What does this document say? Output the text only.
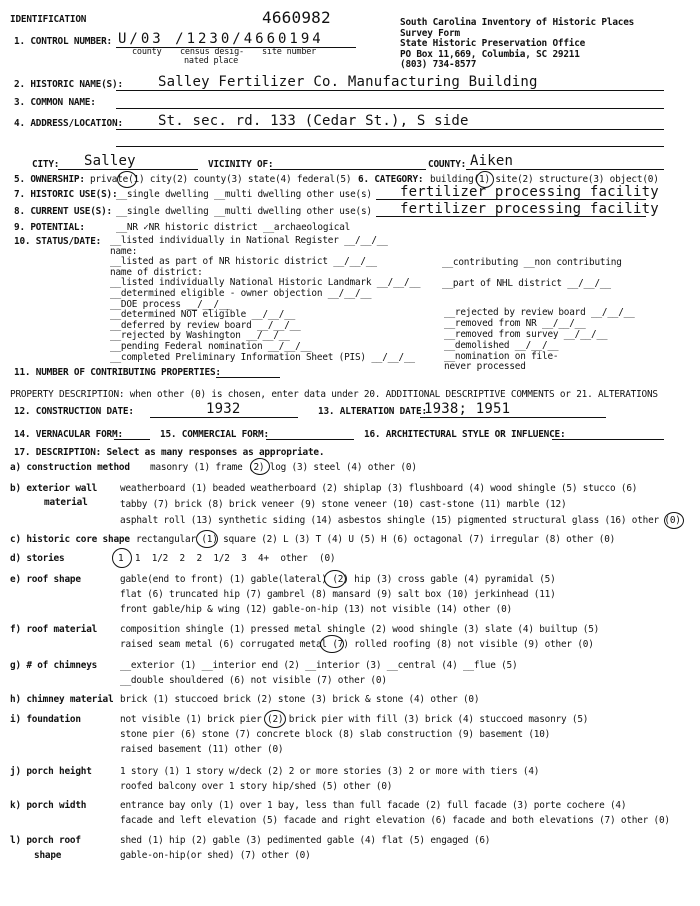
IDENTIFICATION	4660982	South Carolina Inventory of Historic Places
Survey Form
State Historic Preservation Office
PO Box 11,669, Columbia, SC 29211
(803) 734-8577
1. CONTROL NUMBER: U/03 /1230/4660194
county census desig-
nated place
site number
2. HISTORIC NAME(S):	Salley Fertilizer Co. Manufacturing Building
3. COMMON NAME:
4. ADDRESS/LOCATION:	St. sec. rd. 133 (Cedar St.), S side
CITY: Salley	VICINITY OF:	COUNTY: Aiken
5. OWNERSHIP: private(1) city(2) county(3) state(4) federal(5) 6. CATEGORY: building(1) site(2) structure(3) object(0)
7. HISTORIC USE(S):
__single dwelling __multi dwelling other use(s) fertilizer processing facility
8. CURRENT USE(S): __single dwelling __multi dwelling other use(s) fertilizer processing facility
9. POTENTIAL:	__NR ✓NR historic district __archaeological
10. STATUS/DATE: __listed individually in National Register __/__/__
name:
__listed as part of NR historic district __/__/__
name of district:
__listed individually National Historic Landmark __/__/__
__determined eligible - owner objection __/__/__
__DOE process __/__/__
__determined NOT eligible __/__/__
__deferred by review board __/__/__
__rejected by Washington __/__/__
__pending Federal nomination __/__/__
__completed Preliminary Information Sheet (PIS) __/__/__
__contributing __non contributing
__part of NHL district __/__/__
__rejected by review board __/__/__
__removed from NR __/__/__
__removed from survey __/__/__
__demolished __/__/__
__nomination on file-
never processed
11. NUMBER OF CONTRIBUTING PROPERTIES:
PROPERTY DESCRIPTION: when other (0) is chosen, enter data under 20. ADDITIONAL DESCRIPTIVE COMMENTS or 21. ALTERATIONS
12. CONSTRUCTION DATE:	1932	13. ALTERATION DATE:
1938; 1951
14. VERNACULAR FORM:	15. COMMERCIAL FORM:	16. ARCHITECTURAL STYLE OR INFLUENCE:
17. DESCRIPTION: Select as many responses as appropriate.
a) construction method masonry (1) frame (2) log (3) steel (4) other (0)
b) exterior wall
material
weatherboard (1) beaded weatherboard (2) shiplap (3) flushboard (4) wood shingle (5) stucco (6)
tabby (7) brick (8) brick veneer (9) stone veneer (10) cast-stone (11) marble (12)
asphalt roll (13) synthetic siding (14) asbestos shingle (15) pigmented structural glass (16) other (0)
c) historic core shape rectangular (1) square (2) L (3) T (4) U (5) H (6) octagonal (7) irregular (8) other (0)
d) stories	1 1 1/2 2 2 1/2 3 4+ other (0)
e) roof shape	gable(end to front) (1) gable(lateral) (2) hip (3) cross gable (4) pyramidal (5)
flat (6) truncated hip (7) gambrel (8) mansard (9) salt box (10) jerkinhead (11)
front gable/hip & wing (12) gable-on-hip (13) not visible (14) other (0)
f) roof material composition shingle (1) pressed metal shingle (2) wood shingle (3) slate (4) builtup (5)
raised seam metal (6) corrugated metal (7) rolled roofing (8) not visible (9) other (0)
g) # of chimneys __exterior (1) __interior end (2) __interior (3) __central (4) __flue (5)
__double shouldered (6) not visible (7) other (0)
h) chimney material brick (1) stuccoed brick (2) stone (3) brick & stone (4) other (0)
i) foundation	not visible (1) brick pier (2) brick pier with fill (3) brick (4) stuccoed masonry (5)
stone pier (6) stone (7) concrete block (8) slab construction (9) basement (10)
raised basement (11) other (0)
j) porch height	1 story (1) 1 story w/deck (2) 2 or more stories (3) 2 or more with tiers (4)
roofed balcony over 1 story hip/shed (5) other (0)
k) porch width	entrance bay only (1) over 1 bay, less than full facade (2) full facade (3) porte cochere (4)
facade and left elevation (5) facade and right elevation (6) facade and both elevations (7) other (0)
l) porch roof
shape
shed (1) hip (2) gable (3) pedimented gable (4) flat (5) engaged (6)
gable-on-hip(or shed) (7) other (0)
